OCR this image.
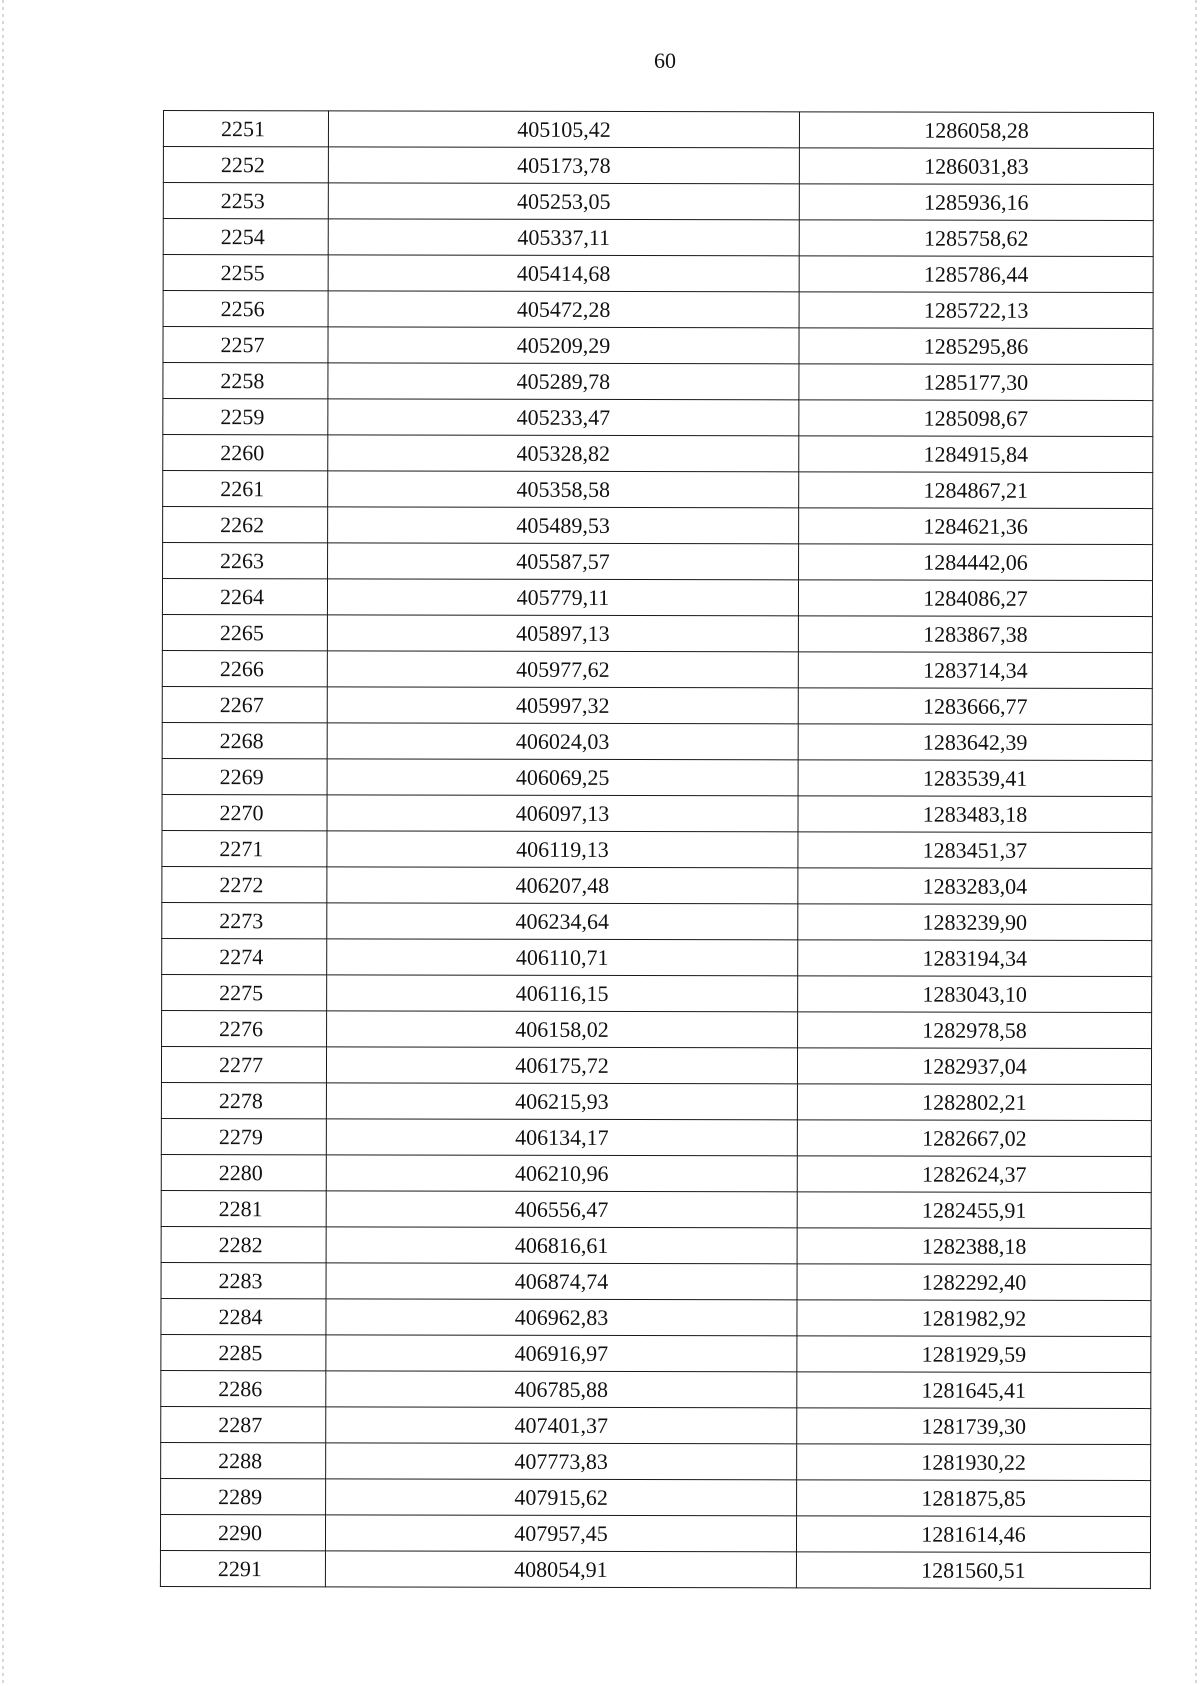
60
2251	405105,42	1286058,28
2252	405173,78	1286031,83
2253	405253,05	1285936,16
2254	405337,11	1285758,62
2255	405414,68	1285786,44
2256	405472,28	1285722,13
2257	405209,29	1285295,86
2258	405289,78	1285177,30
2259	405233,47	1285098,67
2260	405328,82	1284915,84
2261	405358,58	1284867,21
2262	405489,53	1284621,36
2263	405587,57	1284442,06
2264	405779,11	1284086,27
2265	405897,13	1283867,38
2266	405977,62	1283714,34
2267	405997,32	1283666,77
2268	406024,03	1283642,39
2269	406069,25	1283539,41
2270	406097,13	1283483,18
2271	406119,13	1283451,37
2272	406207,48	1283283,04
2273	406234,64	1283239,90
2274	406110,71	1283194,34
2275	406116,15	1283043,10
2276	406158,02	1282978,58
2277	406175,72	1282937,04
2278	406215,93	1282802,21
2279	406134,17	1282667,02
2280	406210,96	1282624,37
2281	406556,47	1282455,91
2282	406816,61	1282388,18
2283	406874,74	1282292,40
2284	406962,83	1281982,92
2285	406916,97	1281929,59
2286	406785,88	1281645,41
2287	407401,37	1281739,30
2288	407773,83	1281930,22
2289	407915,62	1281875,85
2290	407957,45	1281614,46
2291	408054,91	1281560,51
